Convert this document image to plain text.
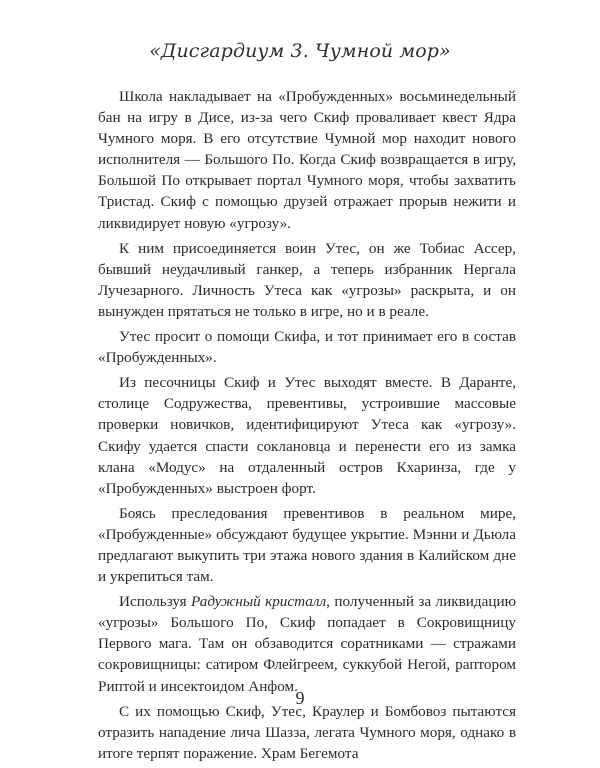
«Дисгардиум 3. Чумной мор»

Школа накладывает на «Пробужденных» восьминедельный бан на игру в Дисе, из-за чего Скиф проваливает квест Ядра Чумного моря. В его отсутствие Чумной мор находит нового исполнителя — Большого По. Когда Скиф возвращается в игру, Большой По открывает портал Чумного моря, чтобы захватить Тристад. Скиф с помощью друзей отражает прорыв нежити и ликвидирует новую «угрозу».

К ним присоединяется воин Утес, он же Тобиас Ассер, бывший неудачливый ганкер, а теперь избранник Нергала Лучезарного. Личность Утеса как «угрозы» раскрыта, и он вынужден прятаться не только в игре, но и в реале.

Утес просит о помощи Скифа, и тот принимает его в состав «Пробужденных».

Из песочницы Скиф и Утес выходят вместе. В Даранте, столице Содружества, превентивы, устроившие массовые проверки новичков, идентифицируют Утеса как «угрозу». Скифу удается спасти сокланoвца и перенести его из замка клана «Модус» на отдаленный остров Кхаринза, где у «Пробужденных» выстроен форт.

Боясь преследования превентивов в реальном мире, «Пробужденные» обсуждают будущее укрытие. Мэнни и Дьюла предлагают выкупить три этажа нового здания в Калийском дне и укрепиться там.

Используя Радужный кристалл, полученный за ликвидацию «угрозы» Большого По, Скиф попадает в Сокровищницу Первого мага. Там он обзаводится соратниками — стражами сокровищницы: сатиром Флейгреем, суккубой Негой, раптором Риптой и инсектоидом Анфом.

С их помощью Скиф, Утес, Краулер и Бомбовоз пытаются отразить нападение лича Шазза, легата Чумного моря, однако в итоге терпят поражение. Храм Бегемота

9
